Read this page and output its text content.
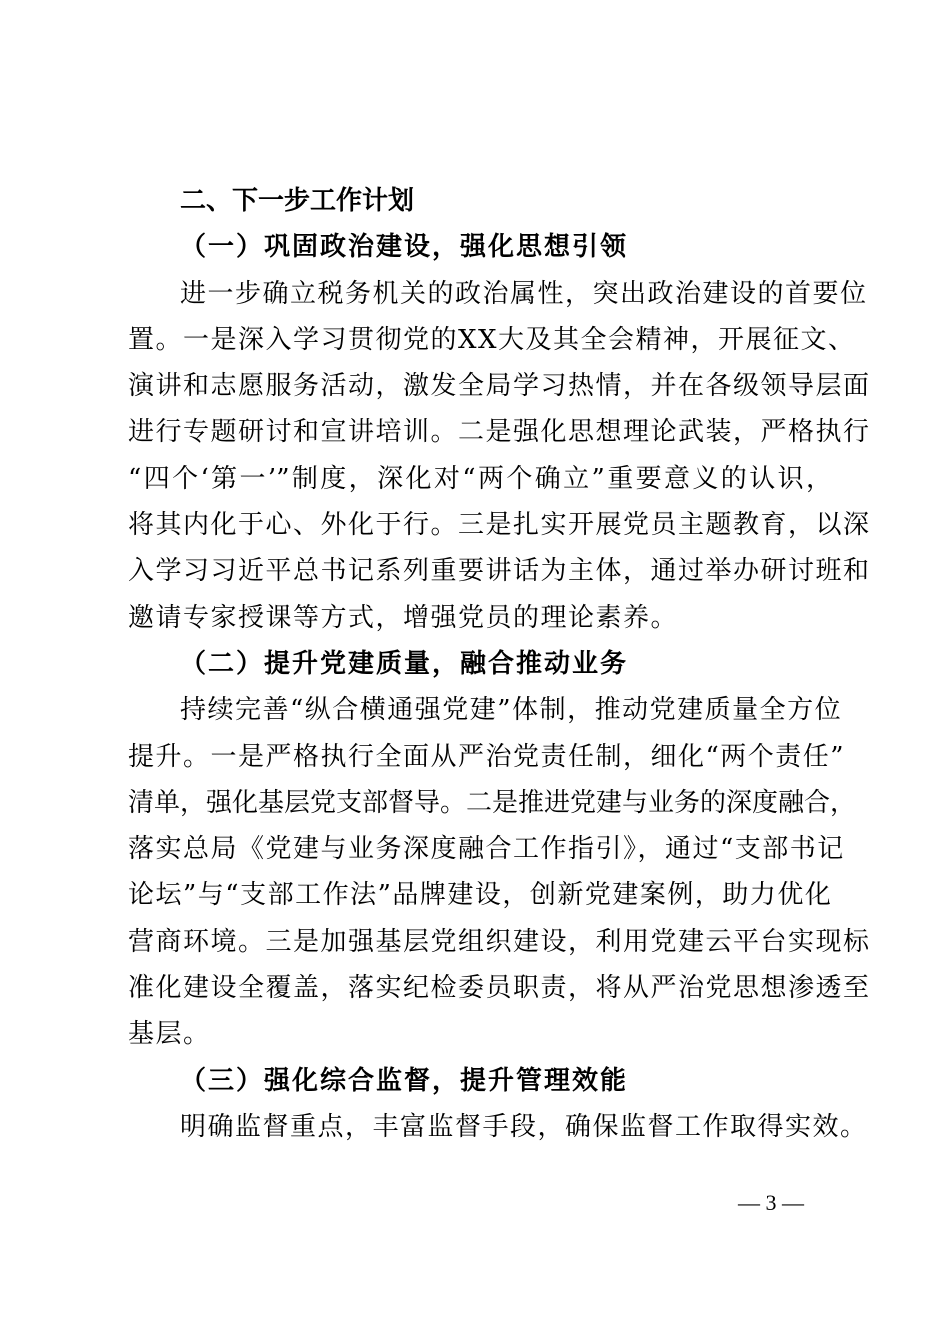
二、下一步工作计划
（一）巩固政治建设，强化思想引领
进一步确立税务机关的政治属性，突出政治建设的首要位
置。一是深入学习贯彻党的XX大及其全会精神，开展征文、
演讲和志愿服务活动，激发全局学习热情，并在各级领导层面
进行专题研讨和宣讲培训。二是强化思想理论武装，严格执行
“四个‘第一’”制度，深化对“两个确立”重要意义的认识，
将其内化于心、外化于行。三是扎实开展党员主题教育，以深
入学习习近平总书记系列重要讲话为主体，通过举办研讨班和
邀请专家授课等方式，增强党员的理论素养。
（二）提升党建质量，融合推动业务
持续完善“纵合横通强党建”体制，推动党建质量全方位
提升。一是严格执行全面从严治党责任制，细化“两个责任”
清单，强化基层党支部督导。二是推进党建与业务的深度融合，
落实总局《党建与业务深度融合工作指引》，通过“支部书记
论坛”与“支部工作法”品牌建设，创新党建案例，助力优化
营商环境。三是加强基层党组织建设，利用党建云平台实现标
准化建设全覆盖，落实纪检委员职责，将从严治党思想渗透至
基层。
（三）强化综合监督，提升管理效能
明确监督重点，丰富监督手段，确保监督工作取得实效。
— 3 —
